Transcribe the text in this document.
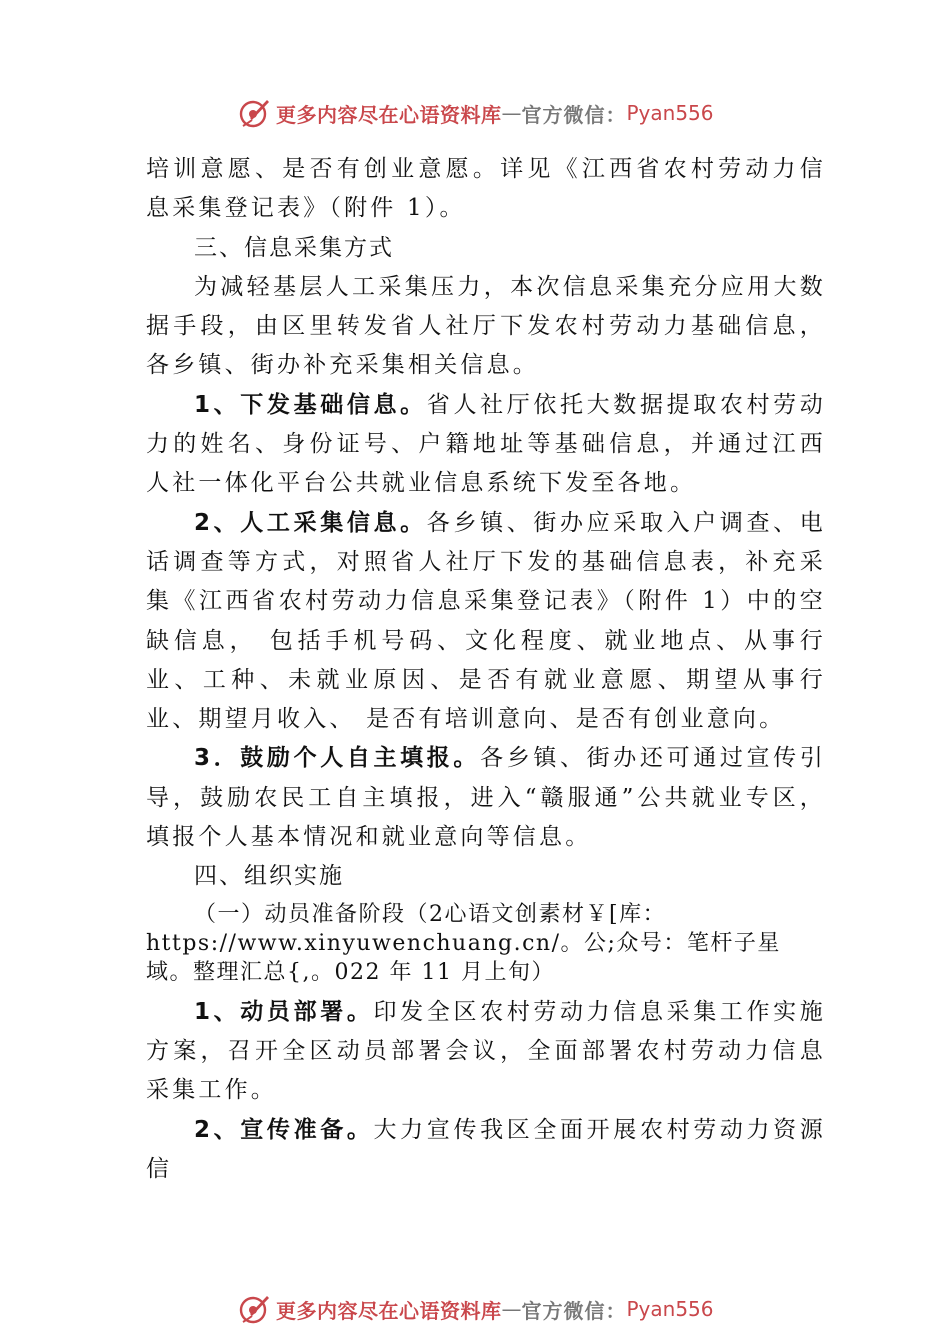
更多内容尽在心语资料库 — 官方微信： Pyan556

培训意愿、是否有创业意愿。详见《江西省农村劳动力信息采集登记表》（附件 1）。

三、信息采集方式

为减轻基层人工采集压力，本次信息采集充分应用大数据手段，由区里转发省人社厅下发农村劳动力基础信息，各乡镇、街办补充采集相关信息。

1、下发基础信息。省人社厅依托大数据提取农村劳动力的姓名、身份证号、户籍地址等基础信息，并通过江西人社一体化平台公共就业信息系统下发至各地。

2、人工采集信息。各乡镇、街办应采取入户调查、电话调查等方式，对照省人社厅下发的基础信息表，补充采集《江西省农村劳动力信息采集登记表》（附件 1）中的空缺信息， 包括手机号码、文化程度、就业地点、从事行业、工种、未就业原因、是否有就业意愿、期望从事行业、期望月收入、 是否有培训意向、是否有创业意向。

3．鼓励个人自主填报。各乡镇、街办还可通过宣传引导，鼓励农民工自主填报，进入“赣服通”公共就业专区，填报个人基本情况和就业意向等信息。

四、组织实施

（一）动员准备阶段（2心语文创素材￥[库：https://www.xinyuwenchuang.cn/。公;众号：笔杆子星域。整理汇总{,。022 年 11 月上旬）

1、动员部署。印发全区农村劳动力信息采集工作实施方案，召开全区动员部署会议，全面部署农村劳动力信息采集工作。

2、宣传准备。大力宣传我区全面开展农村劳动力资源信

更多内容尽在心语资料库 — 官方微信： Pyan556
